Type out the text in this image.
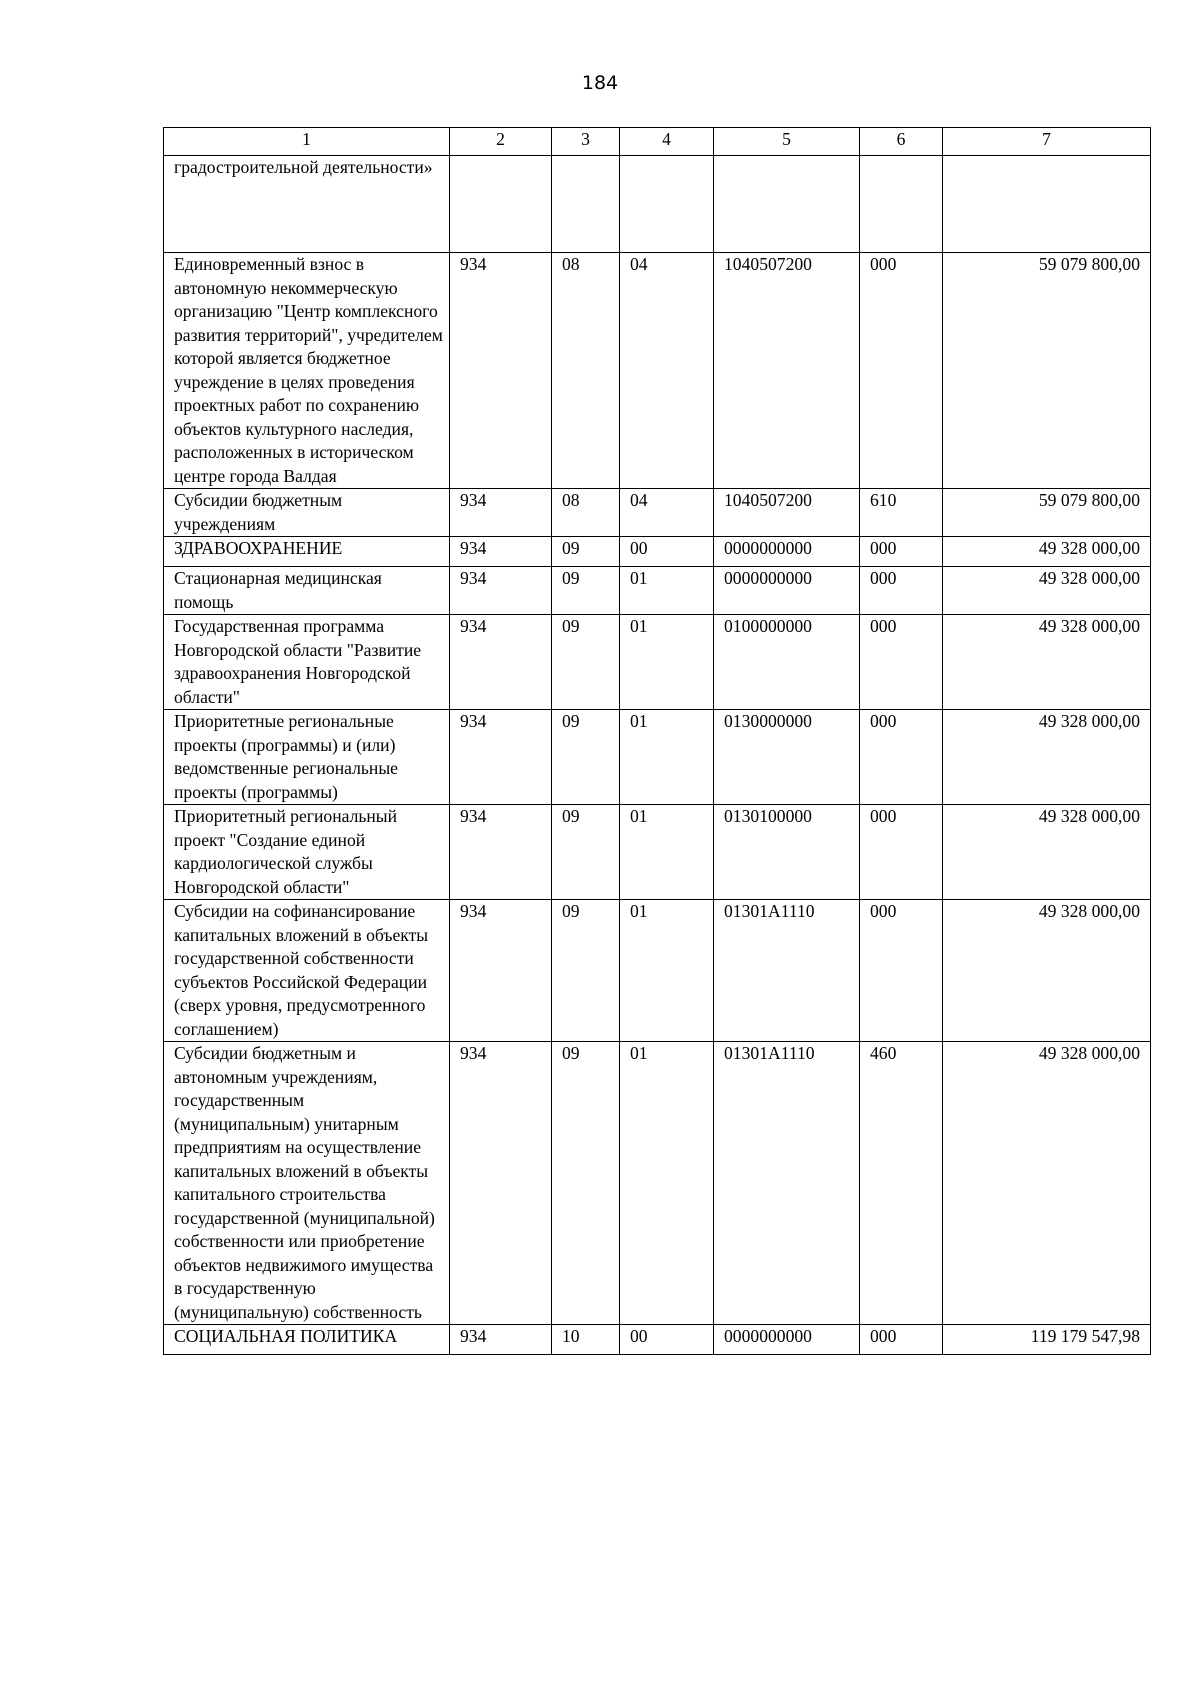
184
1	2	3	4	5	6	7
градостроительной деятельности»						
Единовременный взнос в автономную некоммерческую организацию "Центр комплексного развития территорий", учредителем которой является бюджетное учреждение в целях проведения проектных работ по сохранению объектов культурного наследия, расположенных в историческом центре города Валдая	934	08	04	1040507200	000	59 079 800,00
Субсидии бюджетным учреждениям	934	08	04	1040507200	610	59 079 800,00
ЗДРАВООХРАНЕНИЕ	934	09	00	0000000000	000	49 328 000,00
Стационарная медицинская помощь	934	09	01	0000000000	000	49 328 000,00
Государственная программа Новгородской области "Развитие здравоохранения Новгородской области"	934	09	01	0100000000	000	49 328 000,00
Приоритетные региональные проекты (программы) и (или) ведомственные региональные проекты (программы)	934	09	01	0130000000	000	49 328 000,00
Приоритетный региональный проект "Создание единой кардиологической службы Новгородской области"	934	09	01	0130100000	000	49 328 000,00
Субсидии на софинансирование капитальных вложений в объекты государственной собственности субъектов Российской Федерации (сверх уровня, предусмотренного соглашением)	934	09	01	01301А1110	000	49 328 000,00
Субсидии бюджетным и автономным учреждениям, государственным (муниципальным) унитарным предприятиям на осуществление капитальных вложений в объекты капитального строительства государственной (муниципальной) собственности или приобретение объектов недвижимого имущества в государственную (муниципальную) собственность	934	09	01	01301А1110	460	49 328 000,00
СОЦИАЛЬНАЯ ПОЛИТИКА	934	10	00	0000000000	000	119 179 547,98
